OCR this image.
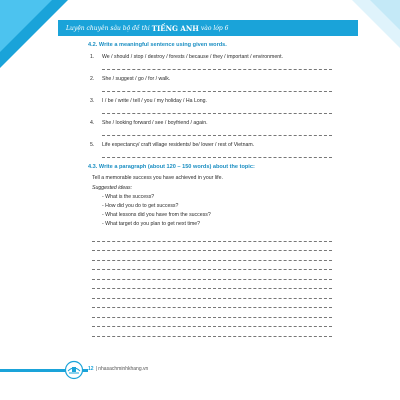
Luyện chuyên sâu bộ đề thi TIẾNG ANH vào lớp 6
4.2. Write a meaningful sentence using given words.
1.	We / should / stop / destroy / forests / because / they / important / environment.
2.	She / suggest / go / for / walk.
3.	I / be / write / tell / you / my holiday / Ha Long.
4.	She / looking forward / see / boyfriend / again.
5.	Life expectancy/ craft village residents/ be/ lower / rest of Vietnam.
4.3. Write a paragraph (about 120 – 150 words) about the topic:
Tell a memorable success you have achieved in your life.
Suggested ideas:
- What is the success?
- How did you do to get success?
- What lessons did you have from the success?
- What target do you plan to get next time?
12 | nhasachminhkhang.vn
